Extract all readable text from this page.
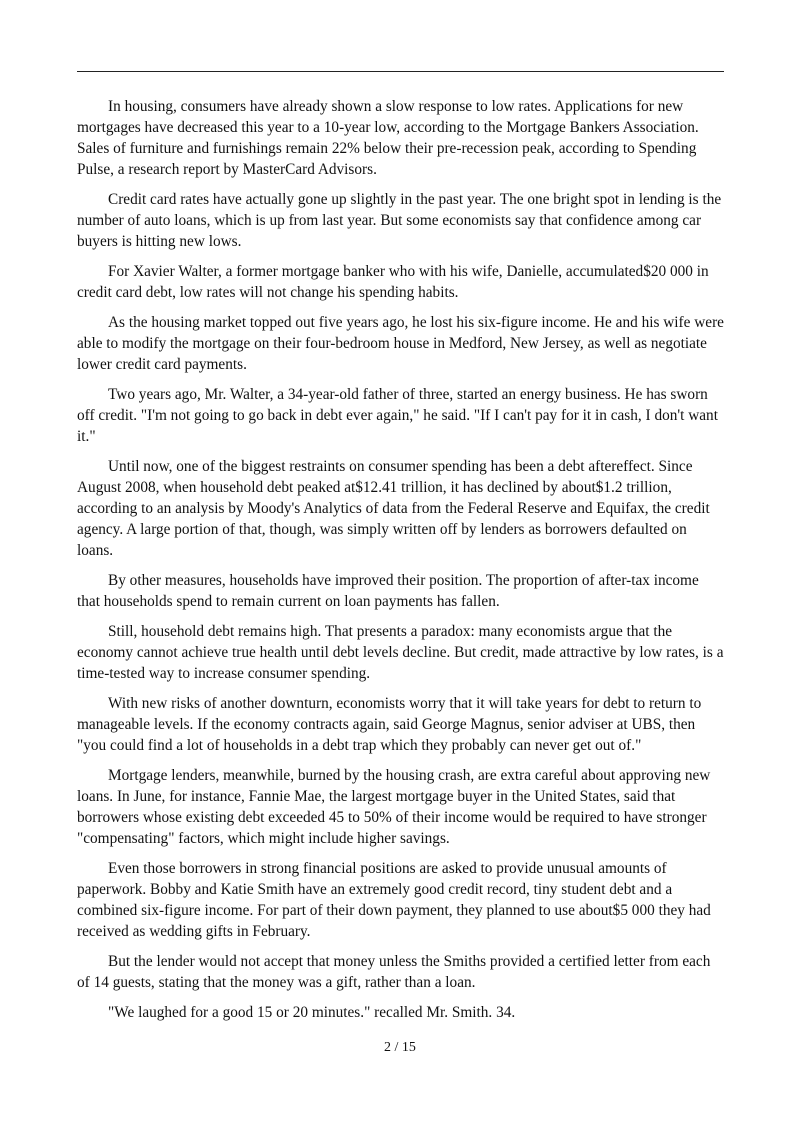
In housing, consumers have already shown a slow response to low rates. Applications for new mortgages have decreased this year to a 10-year low, according to the Mortgage Bankers Association. Sales of furniture and furnishings remain 22% below their pre-recession peak, according to Spending Pulse, a research report by MasterCard Advisors.

Credit card rates have actually gone up slightly in the past year. The one bright spot in lending is the number of auto loans, which is up from last year. But some economists say that confidence among car buyers is hitting new lows.

For Xavier Walter, a former mortgage banker who with his wife, Danielle, accumulated$20 000 in credit card debt, low rates will not change his spending habits.

As the housing market topped out five years ago, he lost his six-figure income. He and his wife were able to modify the mortgage on their four-bedroom house in Medford, New Jersey, as well as negotiate lower credit card payments.

Two years ago, Mr. Walter, a 34-year-old father of three, started an energy business. He has sworn off credit. "I'm not going to go back in debt ever again," he said. "If I can't pay for it in cash, I don't want it."

Until now, one of the biggest restraints on consumer spending has been a debt aftereffect. Since August 2008, when household debt peaked at$12.41 trillion, it has declined by about$1.2 trillion, according to an analysis by Moody's Analytics of data from the Federal Reserve and Equifax, the credit agency. A large portion of that, though, was simply written off by lenders as borrowers defaulted on loans.

By other measures, households have improved their position. The proportion of after-tax income that households spend to remain current on loan payments has fallen.

Still, household debt remains high. That presents a paradox: many economists argue that the economy cannot achieve true health until debt levels decline. But credit, made attractive by low rates, is a time-tested way to increase consumer spending.

With new risks of another downturn, economists worry that it will take years for debt to return to manageable levels. If the economy contracts again, said George Magnus, senior adviser at UBS, then "you could find a lot of households in a debt trap which they probably can never get out of."

Mortgage lenders, meanwhile, burned by the housing crash, are extra careful about approving new loans. In June, for instance, Fannie Mae, the largest mortgage buyer in the United States, said that borrowers whose existing debt exceeded 45 to 50% of their income would be required to have stronger "compensating" factors, which might include higher savings.

Even those borrowers in strong financial positions are asked to provide unusual amounts of paperwork. Bobby and Katie Smith have an extremely good credit record, tiny student debt and a combined six-figure income. For part of their down payment, they planned to use about$5 000 they had received as wedding gifts in February.

But the lender would not accept that money unless the Smiths provided a certified letter from each of 14 guests, stating that the money was a gift, rather than a loan.

"We laughed for a good 15 or 20 minutes." recalled Mr. Smith. 34.

2 / 15
